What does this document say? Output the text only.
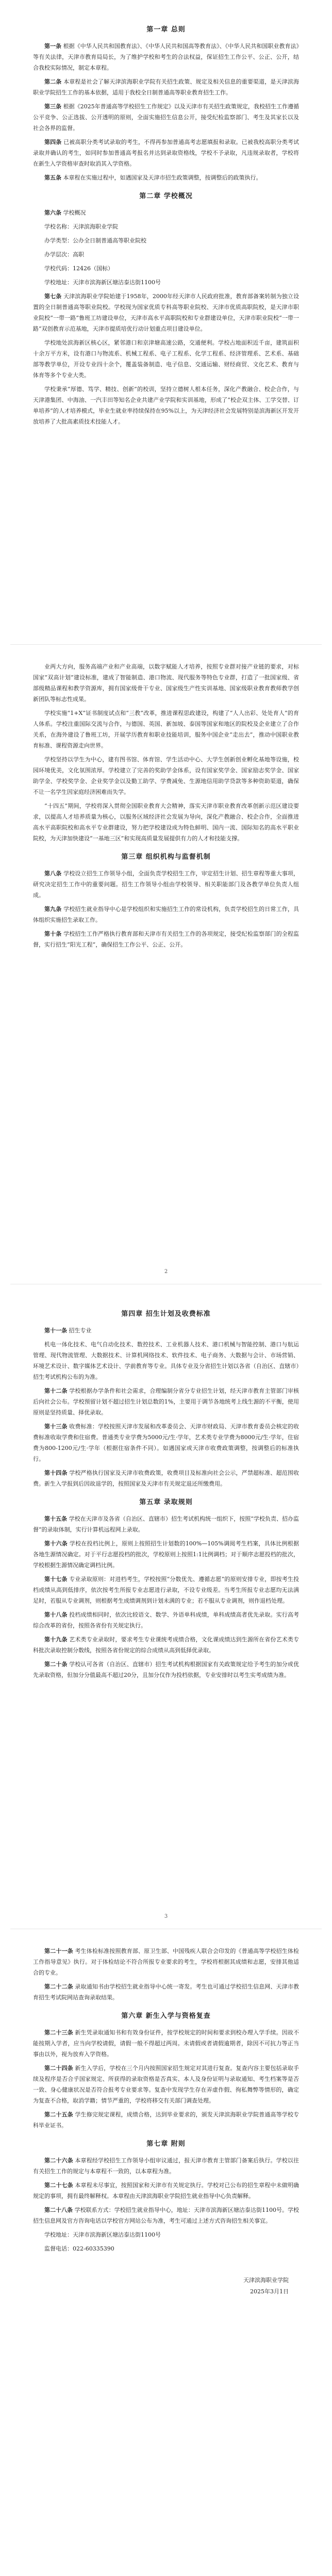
第一章 总则

第一条 根据《中华人民共和国教育法》、《中华人民共和国高等教育法》、《中华人民共和国职业教育法》等有关法律，天津市教育局局长，为了维护学校和考生的合法权益，保证招生工作公平、公正、公开，结合我校实际情况，制定本章程。

第二条 本章程是社会了解天津滨海职业学院有关招生政策、规定及相关信息的重要渠道，是天津滨海职业学院招生工作的基本依据，适用于我校全日制普通高等职业教育招生工作。

第三条 根据《2025年普通高等学校招生工作规定》以及天津市有关招生政策规定，我校招生工作遵循公平竞争、公正选拔、公开透明的原则，全面实施招生信息公开，接受纪检监察部门、考生及其家长以及社会各界的监督。

第四条 已被高职分类考试录取的考生，不得再参加普通高考志愿填报和录取。已被我校高职分类考试录取并确认的考生，如同时参加普通高考报名并达到录取资格线，学校不予录取，凡违规录取者，学校将在新生入学资格审查时取消其入学资格。

第五条 本章程在实施过程中，如遇国家及天津市招生政策调整，按调整后的政策执行。

第二章 学校概况

第六条 学校概况

学校名称：天津滨海职业学院

办学类型：公办全日制普通高等职业院校

办学层次：高职

学校代码：12426（国标）

学校地址：天津市滨海新区塘沽泰达街1100号

第七条 天津滨海职业学院始建于1958年，2000年经天津市人民政府批准，教育部备案转制为独立设置的全日制普通高等职业院校。学校现为国家优质专科高等职业院校、天津市优质高职院校，是天津市职业院校“一带一路”鲁班工坊建设单位，天津市高水平高职院校和专业群建设单位，天津市职业院校“一带一路”双创教育示范基地，天津市提质培优行动计划重点项目建设单位。

学校地处滨海新区核心区，紧邻港口和京津塘高速公路，交通便利。学校占地面积近千亩，建筑面积十余万平方米，设有港口与物流系、机械工程系、电子工程系、化学工程系、经济管理系、艺术系、基础部等教学单位，开设专业四十余个，覆盖装备制造、电子信息、交通运输、财经商贸、文化艺术、教育与体育等多个专业大类。

学校秉承“厚德、笃学、精技、创新”的校训，坚持立德树人根本任务，深化产教融合、校企合作，与天津港集团、中海油、一汽丰田等知名企业共建产业学院和实训基地，形成了“校企双主体、工学交替、订单培养”的人才培养模式，毕业生就业率持续保持在95%以上，为天津经济社会发展特别是滨海新区开发开放培养了大批高素质技术技能人才。

业两大方向，服务高端产业和产业高端，以数字赋能人才培养，按照专业群对接产业链的要求，对标国家“双高计划”建设标准，建成了智能制造、港口物流、现代服务等特色专业群，打造了一批国家级、省部级精品课程和教学资源库，拥有国家级骨干专业、国家级生产性实训基地、国家级职业教育教师教学创新团队等标志性成果。

学校实施“1+X”证书制度试点和“三教”改革，推进课程思政建设，构建了“人人出彩、处处育人”的育人体系。学校注重国际交流与合作，与德国、英国、新加坡、泰国等国家和地区的院校及企业建立了合作关系，在海外建设了鲁班工坊，开展学历教育和职业技能培训，服务中国企业“走出去”，推动中国职业教育标准、课程资源走向世界。

学校坚持以学生为中心，建有图书馆、体育馆、学生活动中心、大学生创新创业孵化基地等设施，校园环境优美，文化氛围浓厚。学校建立了完善的奖助学金体系，设有国家奖学金、国家励志奖学金、国家助学金、学校奖学金、企业奖学金以及勤工助学、学费减免、生源地信用助学贷款等多种资助渠道，确保不让一名学生因家庭经济困难而失学。

“十四五”期间，学校将深入贯彻全国职业教育大会精神，落实天津市职业教育改革创新示范区建设要求，以提高人才培养质量为核心，以服务区域经济社会发展为导向，深化产教融合、校企合作，全面推进高水平高职院校和高水平专业群建设，努力把学校建设成为特色鲜明、国内一流、国际知名的高水平职业院校，为天津加快建设“一基地三区”和实现高质量发展提供有力的人才和技能支撑。

第三章 组织机构与监督机制

第八条 学校设立招生工作领导小组，全面负责学校招生工作，审定招生计划、招生章程等重大事项，研究决定招生工作中的重要问题。招生工作领导小组由学校领导、相关职能部门及各教学单位负责人组成。

第九条 学校招生就业指导中心是学校组织和实施招生工作的常设机构，负责学校招生的日常工作，具体组织实施招生录取工作。

第十条 学校招生工作严格执行教育部和天津市有关招生工作的各项规定，接受纪检监察部门的全程监督，实行招生“阳光工程”，确保招生工作公平、公正、公开。

2
第四章 招生计划及收费标准

第十一条 招生专业

机电一体化技术、电气自动化技术、数控技术、工业机器人技术、港口机械与智能控制、港口与航运管理、现代物流管理、大数据技术、计算机网络技术、软件技术、电子商务、大数据与会计、市场营销、环境艺术设计、数字媒体艺术设计、学前教育等专业。具体专业及分省招生计划以各省（自治区、直辖市）招生考试机构公布的为准。

第十二条 学校根据办学条件和社会需求，合理编制分省分专业招生计划，经天津市教育主管部门审核后向社会公布。学校预留计划不超过招生计划总数的1%，主要用于调节各地统考上线生源的不平衡，使用原则是坚持质量、择优录取。

第十三条 收费标准：学校按照天津市发展和改革委员会、天津市财政局、天津市教育委员会核定的收费标准收取学费和住宿费。普通类专业学费为5000元/生·学年，艺术类专业学费为8000元/生·学年，住宿费为800-1200元/生·学年（根据住宿条件不同）。如遇国家或天津市收费政策调整，按调整后的标准执行。

第十四条 学校严格执行国家及天津市收费政策，收费项目及标准向社会公示，严禁超标准、超范围收费。新生入学报到后因故退学的，按照国家及天津市有关规定退还所缴费用。

第五章 录取规则

第十五条 学校在天津市及各省（自治区、直辖市）招生考试机构统一组织下，按照“学校负责、招办监督”的录取体制，实行计算机远程网上录取。

第十六条 学校在投档比例上，原则上按照招生计划数的100%—105%调阅考生档案，具体比例根据各地生源情况确定。对于平行志愿投档的批次，学校原则上按照1:1比例调档；对于顺序志愿投档的批次，学校根据生源情况确定调档比例。

第十七条 专业录取原则：对进档考生，学校按照“分数优先、遵循志愿”的原则安排专业，即按考生投档成绩从高到低排序，依次按考生所报专业志愿进行录取，不设专业级差。当考生所报专业志愿均无法满足时，若服从专业调剂，则根据考生成绩调剂到计划未满的专业；若不服从专业调剂，则作退档处理。

第十八条 投档成绩相同时，依次比较语文、数学、外语单科成绩，单科成绩高者优先录取。实行高考综合改革的省份，按照各省份有关规定执行。

第十九条 艺术类专业录取时，要求考生专业课统考成绩合格，文化课成绩达到生源所在省份艺术类专科批次录取控制分数线，按照各省份规定的综合成绩从高到低择优录取。

第二十条 学校认可各省（自治区、直辖市）招生考试机构根据国家有关政策规定给予考生的加分或优先录取资格，但加分分值最高不超过20分，且加分仅作为投档依据，专业安排时以考生实考成绩为准。

3

第二十一条 考生体检标准按照教育部、原卫生部、中国残疾人联合会印发的《普通高等学校招生体检工作指导意见》执行。对于体检结论不符合所报专业要求的考生，学校将根据其成绩和志愿，安排其他适合的专业。

第二十二条 录取通知书由学校招生就业指导中心统一寄发。考生也可通过学校招生信息网、天津市教育招生考试院网站查询录取结果。

第六章 新生入学与资格复查

第二十三条 新生凭录取通知书和有效身份证件，按学校规定的时间和要求到校办理入学手续。因故不能按期入学者，应当向学校请假，请假一般不得超过两周。未请假或者请假逾期者，除因不可抗力等正当事由以外，视为放弃入学资格。

第二十四条 新生入学后，学校在三个月内按照国家招生规定对其进行复查。复查内容主要包括录取手续及程序是否合乎国家规定、所获得的录取资格是否真实、本人及身份证明与录取通知、考生档案等是否一致、身心健康状况是否符合报考专业要求等。复查中发现学生存在弄虚作假、徇私舞弊等情形的，确定为复查不合格，取消学籍；情节严重的，学校将移交有关部门调查处理。

第二十五条 学生修完规定课程，成绩合格，达到毕业要求的，颁发天津滨海职业学院普通高等学校专科毕业证书。

第七章 附则

第二十六条 本章程经学校招生工作领导小组审议通过，报天津市教育主管部门备案后执行。学校以往有关招生工作的规定与本章程不一致的，以本章程为准。

第二十七条 本章程未尽事宜，按照国家和天津市有关规定执行。学校对已公布的招生章程中未做明确规定的事项，拥有最终解释权。本章程由天津滨海职业学院招生就业指导中心负责解释。

第二十八条 学校联系方式：学校招生就业指导中心，地址：天津市滨海新区塘沽泰达街1100号。学校招生信息网及官方咨询电话以学校官方网站公布为准，考生可通过上述方式咨询招生相关事宜。

学校地址：天津市滨海新区塘沽泰达街1100号

监督电话：022-60335390

天津滨海职业学院
2025年3月1日
